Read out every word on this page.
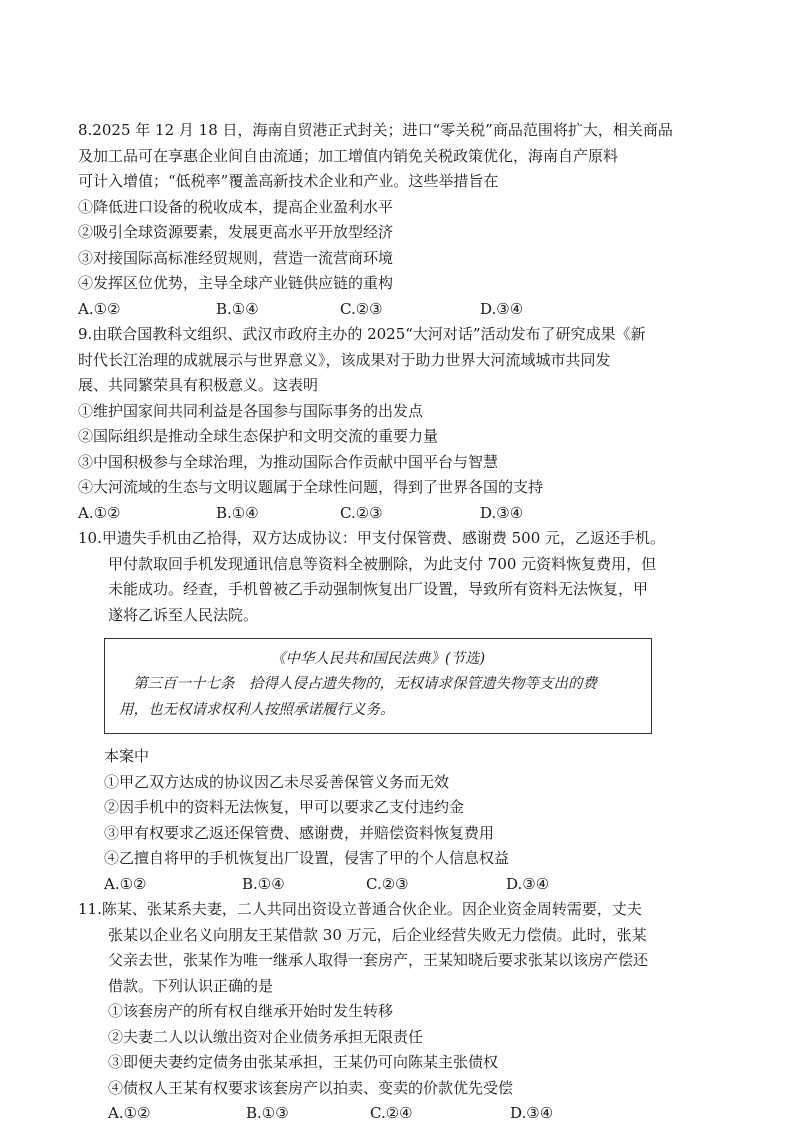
8.2025 年 12 月 18 日，海南自贸港正式封关；进口“零关税”商品范围将扩大，相关商品
及加工品可在享惠企业间自由流通；加工增值内销免关税政策优化，海南自产原料
可计入增值；“低税率”覆盖高新技术企业和产业。这些举措旨在

①降低进口设备的税收成本，提高企业盈利水平
②吸引全球资源要素，发展更高水平开放型经济
③对接国际高标准经贸规则，营造一流营商环境
④发挥区位优势，主导全球产业链供应链的重构
A.①②	B.①④	C.②③	D.③④

9.由联合国教科文组织、武汉市政府主办的 2025“大河对话”活动发布了研究成果《新
时代长江治理的成就展示与世界意义》，该成果对于助力世界大河流域城市共同发
展、共同繁荣具有积极意义。这表明

①维护国家间共同利益是各国参与国际事务的出发点
②国际组织是推动全球生态保护和文明交流的重要力量
③中国积极参与全球治理，为推动国际合作贡献中国平台与智慧
④大河流域的生态与文明议题属于全球性问题，得到了世界各国的支持
A.①②	B.①④	C.②③	D.③④

10.甲遗失手机由乙拾得，双方达成协议：甲支付保管费、感谢费 500 元，乙返还手机。
甲付款取回手机发现通讯信息等资料全被删除，为此支付 700 元资料恢复费用，但
未能成功。经查，手机曾被乙手动强制恢复出厂设置，导致所有资料无法恢复，甲
遂将乙诉至人民法院。

《中华人民共和国民法典》(节选)
第三百一十七条　拾得人侵占遗失物的，无权请求保管遗失物等支出的费
用，也无权请求权利人按照承诺履行义务。
本案中
①甲乙双方达成的协议因乙未尽妥善保管义务而无效
②因手机中的资料无法恢复，甲可以要求乙支付违约金
③甲有权要求乙返还保管费、感谢费，并赔偿资料恢复费用
④乙擅自将甲的手机恢复出厂设置，侵害了甲的个人信息权益
A.①②	B.①④	C.②③	D.③④

11.陈某、张某系夫妻，二人共同出资设立普通合伙企业。因企业资金周转需要，丈夫
张某以企业名义向朋友王某借款 30 万元，后企业经营失败无力偿债。此时，张某
父亲去世，张某作为唯一继承人取得一套房产，王某知晓后要求张某以该房产偿还
借款。下列认识正确的是

①该套房产的所有权自继承开始时发生转移
②夫妻二人以认缴出资对企业债务承担无限责任
③即便夫妻约定债务由张某承担，王某仍可向陈某主张债权
④债权人王某有权要求该套房产以拍卖、变卖的价款优先受偿
A.①②	B.①③	C.②④	D.③④
